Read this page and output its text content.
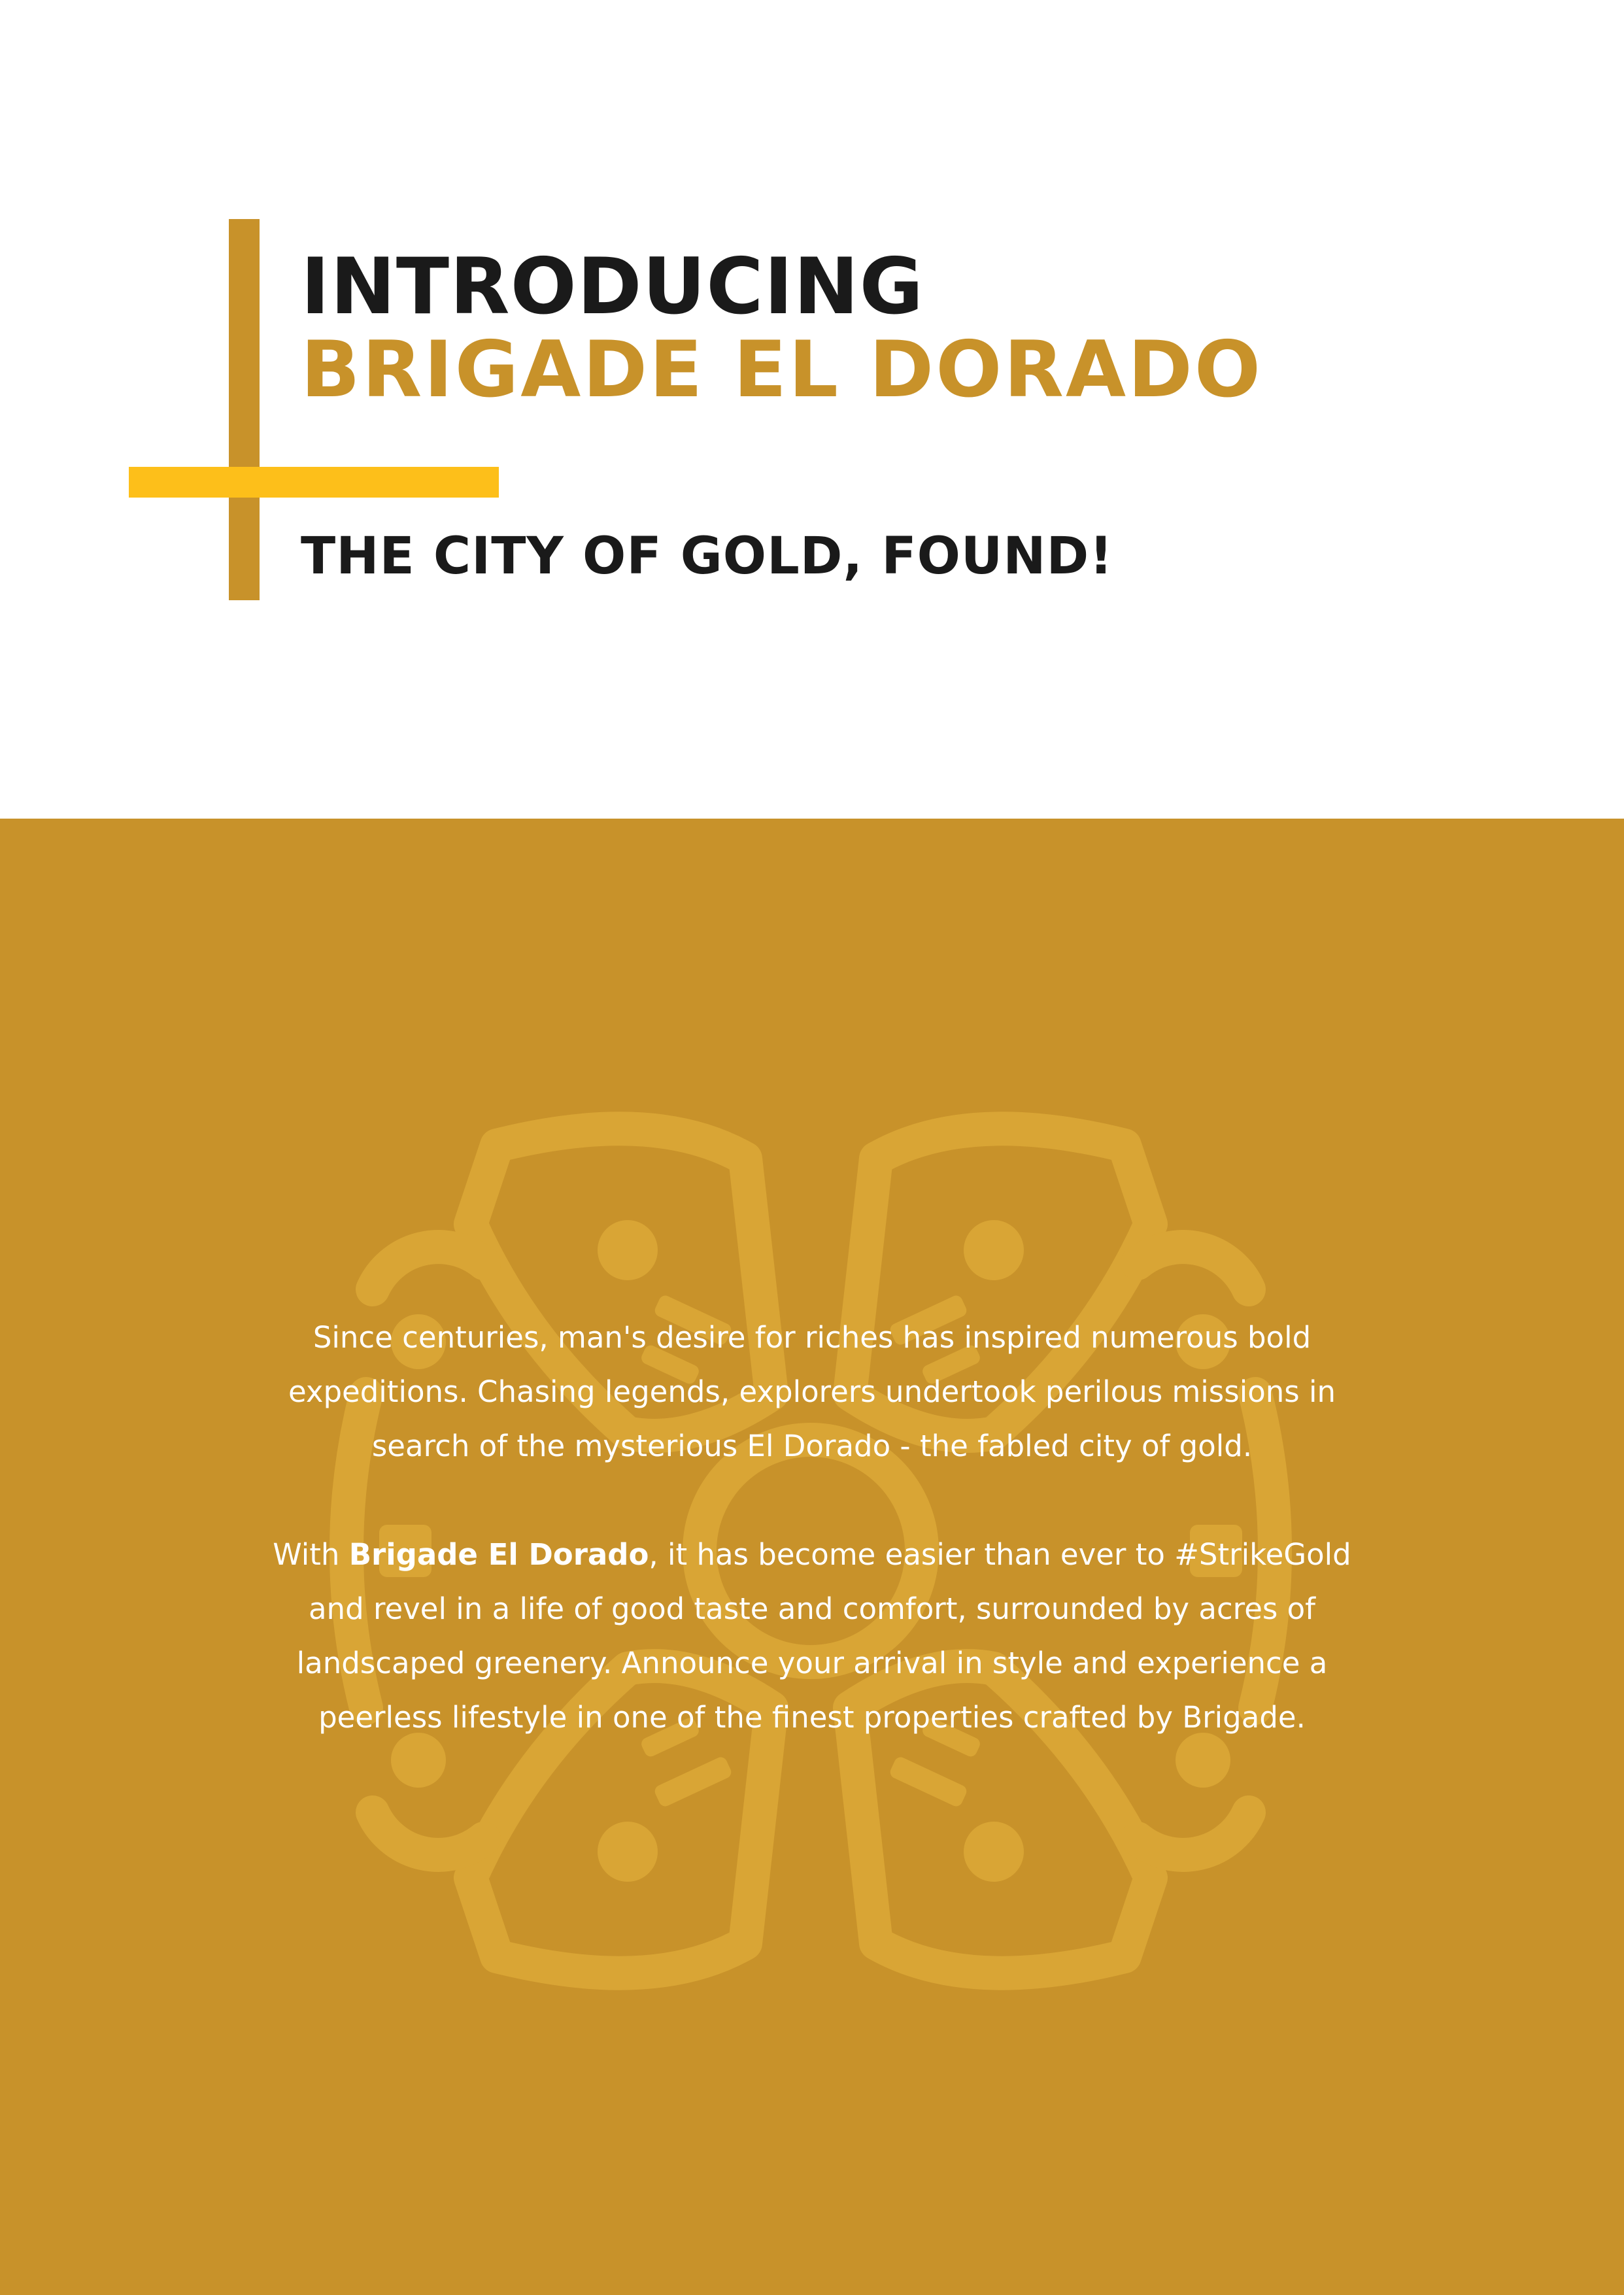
INTRODUCING
BRIGADE EL DORADO
THE CITY OF GOLD, FOUND!

Since centuries, man's desire for riches has inspired numerous bold expeditions. Chasing legends, explorers undertook perilous missions in search of the mysterious El Dorado - the fabled city of gold.

With Brigade El Dorado, it has become easier than ever to #StrikeGold and revel in a life of good taste and comfort, surrounded by acres of landscaped greenery. Announce your arrival in style and experience a peerless lifestyle in one of the finest properties crafted by Brigade.
